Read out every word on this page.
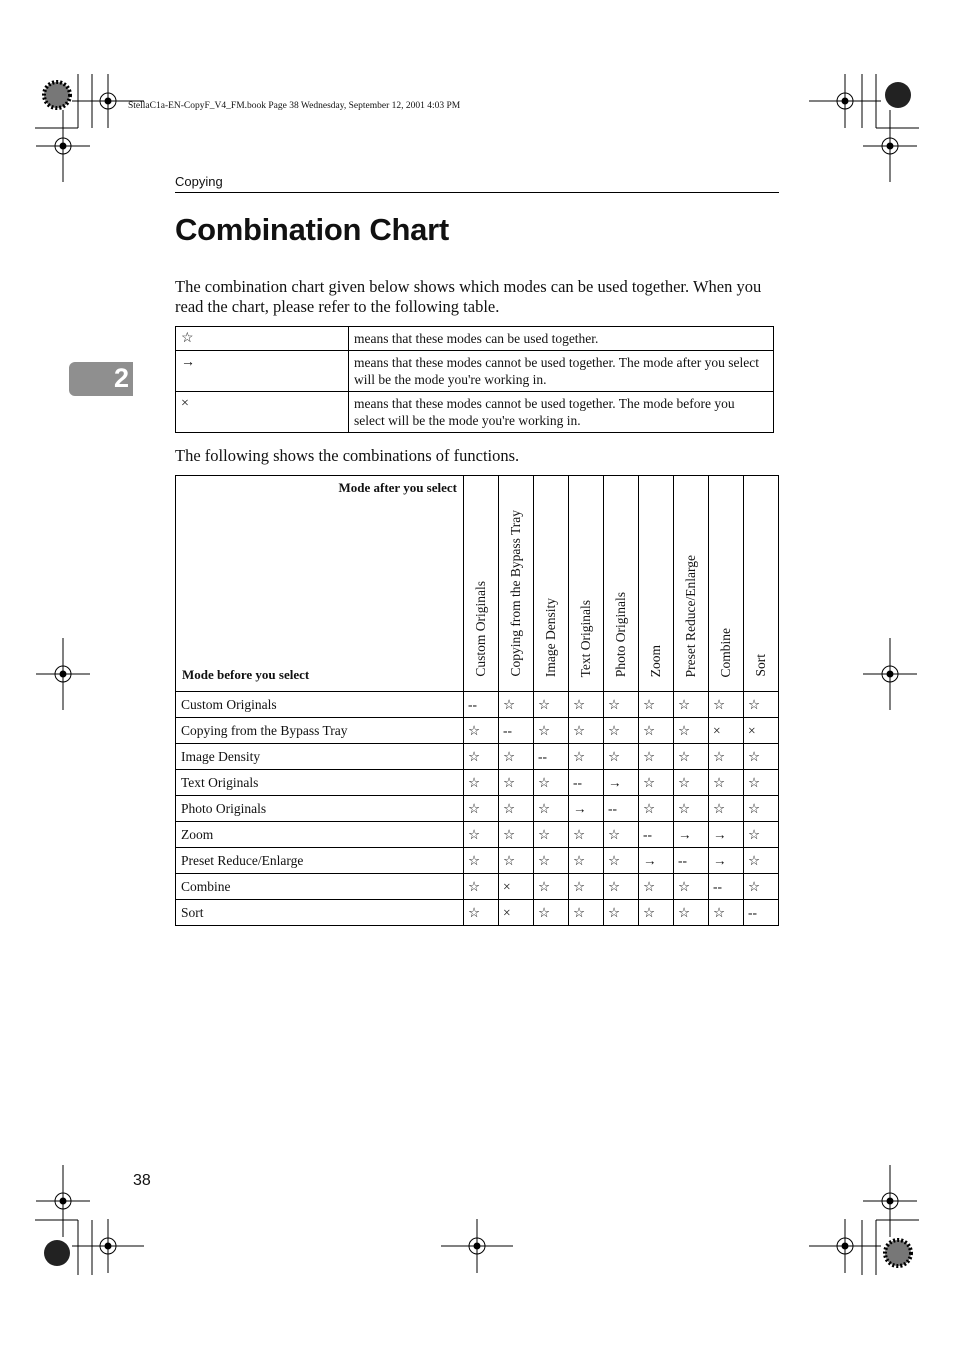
StellaC1a-EN-CopyF_V4_FM.book Page 38 Wednesday, September 12, 2001 4:03 PM
Copying
2
Combination Chart
The combination chart given below shows which modes can be used together. When you read the chart, please refer to the following table.
☆	means that these modes can be used together.
→	means that these modes cannot be used together. The mode after you select will be the mode you're working in.
×	means that these modes cannot be used together. The mode before you select will be the mode you're working in.
The following shows the combinations of functions.
Mode after you select
Mode before you select	Custom Originals	Copying from the Bypass Tray	Image Density	Text Originals	Photo Originals	Zoom	Preset Reduce/Enlarge	Combine	Sort
Custom Originals	--	☆	☆	☆	☆	☆	☆	☆	☆
Copying from the Bypass Tray	☆	--	☆	☆	☆	☆	☆	×	×
Image Density	☆	☆	--	☆	☆	☆	☆	☆	☆
Text Originals	☆	☆	☆	--	→	☆	☆	☆	☆
Photo Originals	☆	☆	☆	→	--	☆	☆	☆	☆
Zoom	☆	☆	☆	☆	☆	--	→	→	☆
Preset Reduce/Enlarge	☆	☆	☆	☆	☆	→	--	→	☆
Combine	☆	×	☆	☆	☆	☆	☆	--	☆
Sort	☆	×	☆	☆	☆	☆	☆	☆	--
38
